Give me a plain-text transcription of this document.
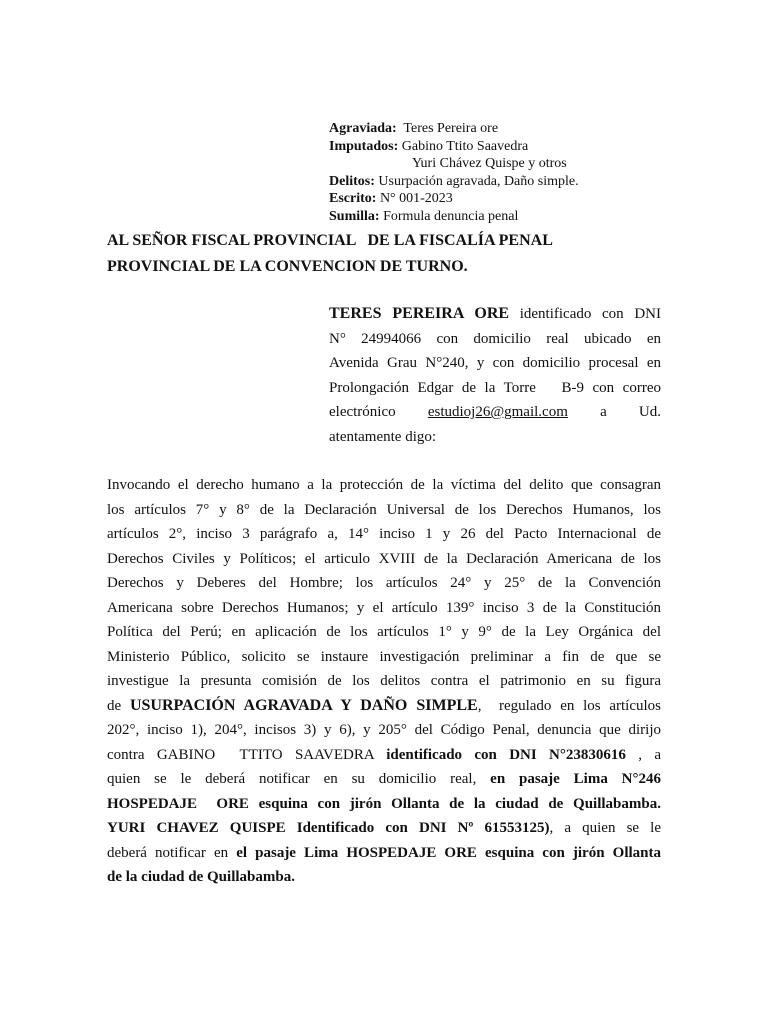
Agraviada: Teres Pereira ore
Imputados: Gabino Ttito Saavedra
Yuri Chávez Quispe y otros
Delitos: Usurpación agravada, Daño simple.
Escrito: N° 001-2023
Sumilla: Formula denuncia penal
AL SEÑOR FISCAL PROVINCIAL   DE LA FISCALÍA PENAL
PROVINCIAL DE LA CONVENCION DE TURNO.
TERES PEREIRA ORE identificado con DNI
N° 24994066 con domicilio real ubicado en
Avenida Grau N°240, y con domicilio procesal en
Prolongación Edgar de la Torre   B-9 con correo
electrónico estudioj26@gmail.com a Ud.
atentamente digo:
Invocando el derecho humano a la protección de la víctima del delito que consagran
los artículos 7° y 8° de la Declaración Universal de los Derechos Humanos, los
artículos 2°, inciso 3 parágrafo a, 14° inciso 1 y 26 del Pacto Internacional de
Derechos Civiles y Políticos; el articulo XVIII de la Declaración Americana de los
Derechos y Deberes del Hombre; los artículos 24° y 25° de la Convención
Americana sobre Derechos Humanos; y el artículo 139° inciso 3 de la Constitución
Política del Perú; en aplicación de los artículos 1° y 9° de la Ley Orgánica del
Ministerio Público, solicito se instaure investigación preliminar a fin de que se
investigue la presunta comisión de los delitos contra el patrimonio en su figura
de USURPACIÓN AGRAVADA Y DAÑO SIMPLE,  regulado en los artículos
202°, inciso 1), 204°, incisos 3) y 6), y 205° del Código Penal, denuncia que dirijo
contra GABINO  TTITO SAAVEDRA identificado con DNI N°23830616 , a
quien se le deberá notificar en su domicilio real, en pasaje Lima N°246
HOSPEDAJE  ORE esquina con jirón Ollanta de la ciudad de Quillabamba.
YURI CHAVEZ QUISPE Identificado con DNI Nº 61553125), a quien se le
deberá notificar en el pasaje Lima HOSPEDAJE ORE esquina con jirón Ollanta
de la ciudad de Quillabamba.
